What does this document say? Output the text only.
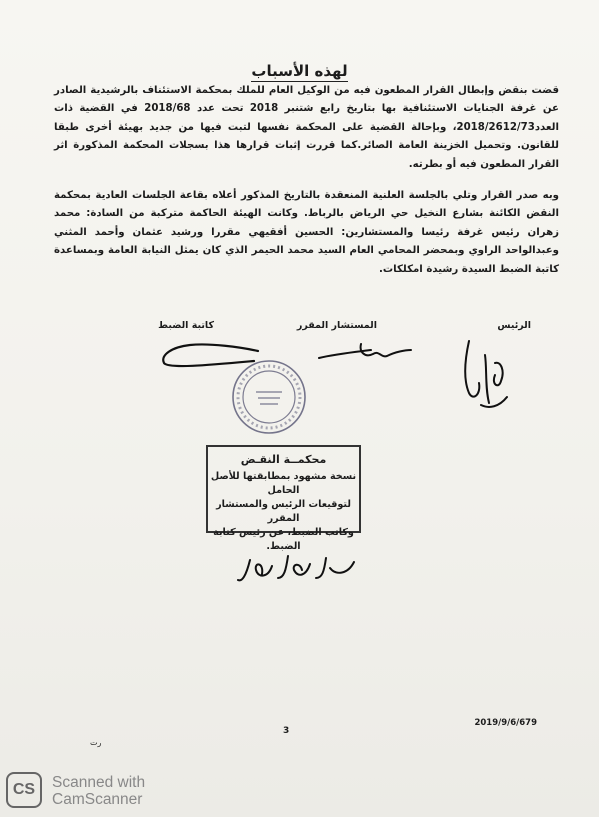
لهذه الأسباب
قضت بنقض وإبطال القرار المطعون فيه من الوكيل العام للملك بمحكمة الاستئناف بالرشيدية الصادر عن غرفة الجنايات الاستئنافية بها بتاريخ رابع شتنبر 2018 تحت عدد 2018/68 في القضية ذات العدد2018/2612/73، وبإحالة القضية على المحكمة نفسها لتبت فيها من جديد بهيئة أخرى طبقا للقانون. وتحميل الخزينة العامة الصائر.كما قررت إثبات قرارها هذا بسجلات المحكمة المذكورة اثر القرار المطعون فيه أو بطرته.
وبه صدر القرار وتلي بالجلسة العلنية المنعقدة بالتاريخ المذكور أعلاه بقاعة الجلسات العادية بمحكمة النقض الكائنة بشارع النخيل حي الرياض بالرباط. وكانت الهيئة الحاكمة متركبة من السادة: محمد زهران رئيس غرفة رئيسا والمستشارين: الحسين أفقيهي مقررا ورشيد عثمان وأحمد المثني وعبدالواحد الراوي وبمحضر المحامي العام السيد محمد الحيمر الذي كان يمثل النيابة العامة وبمساعدة كاتبة الضبط السيدة رشيدة امكلكات.
الرئيس
المستشار المقرر
كاتبة الضبط
محكمــة النقـض
نسخة مشهود بمطابقتها للأصل الحامل
لتوقيعات الرئيس والمستشار المقرر
وكاتب الضبط، عن رئيس كتابة الضبط.
3
2019/9/6/679
رت
CS	Scanned with
CamScanner
